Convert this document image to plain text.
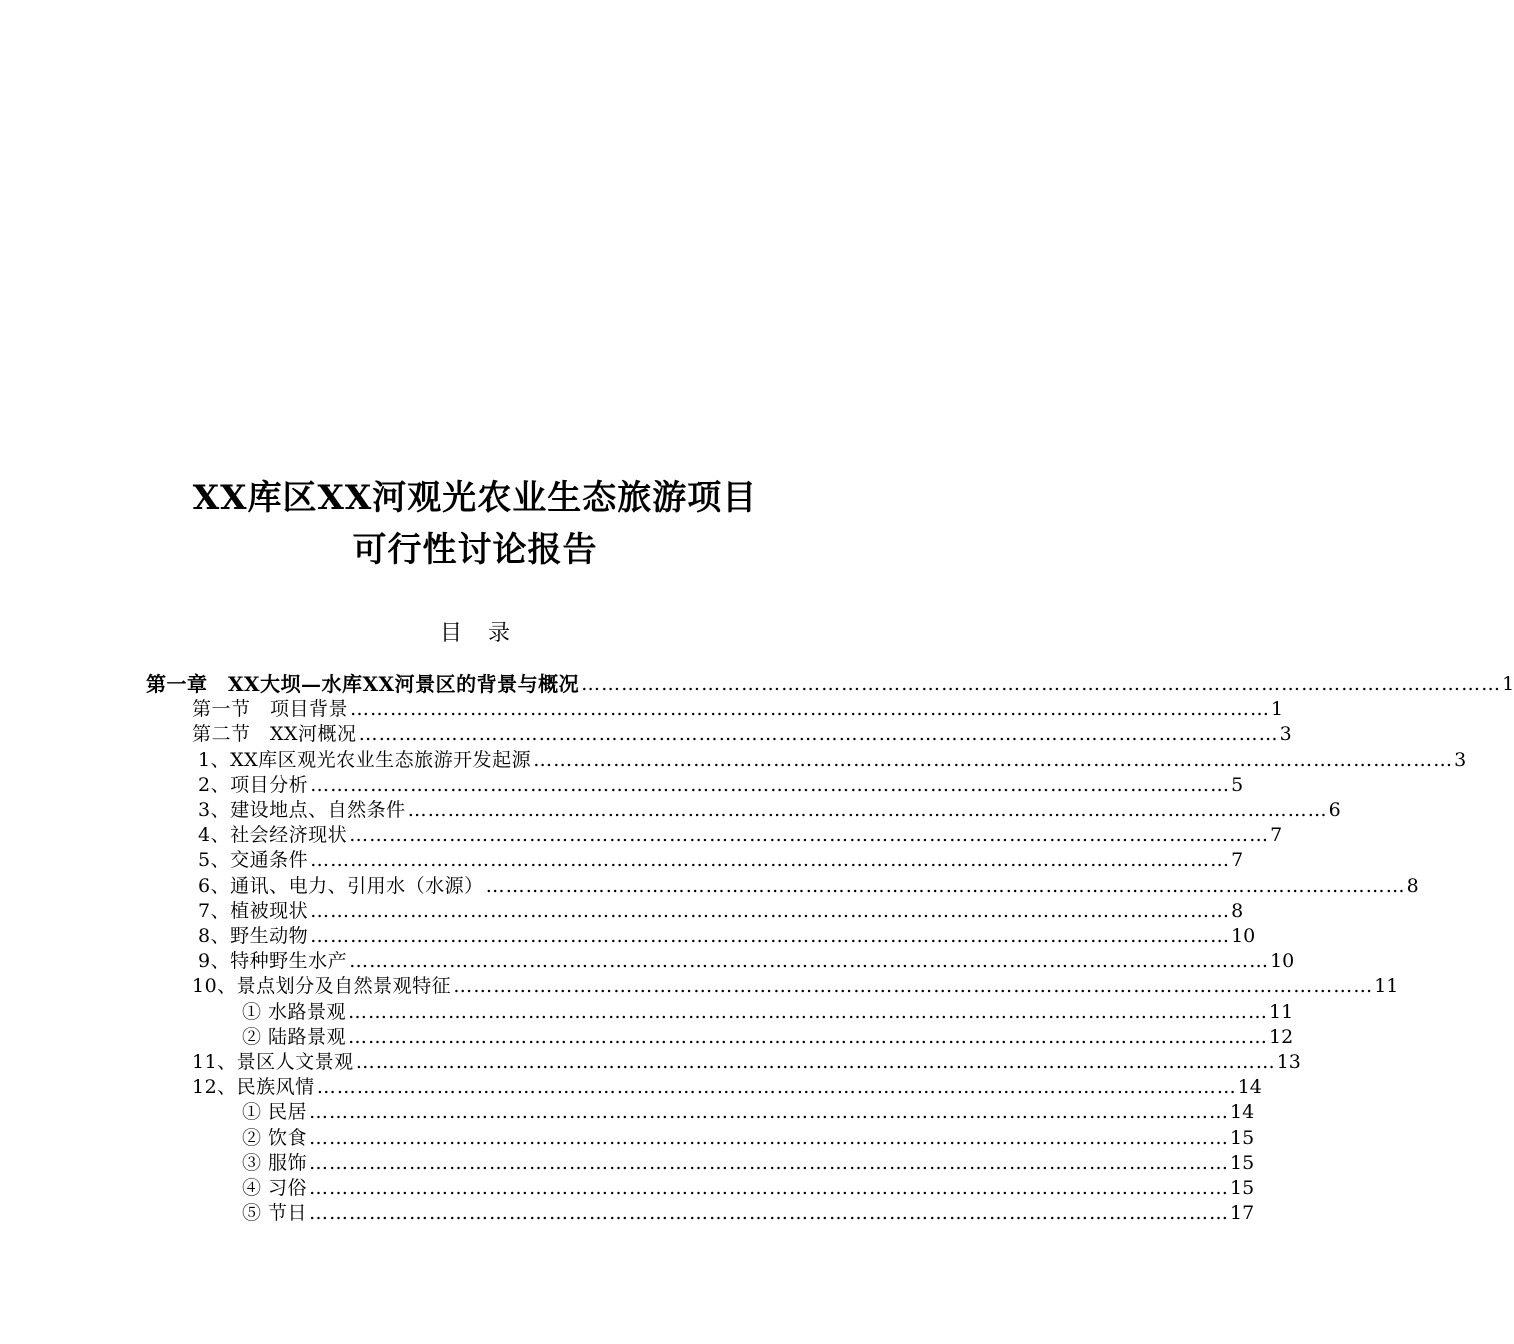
XX库区XX河观光农业生态旅游项目
可行性讨论报告
目录
第一章　XX大坝—水库XX河景区的背景与概况 ………………………………………………………………………………………………………………………… 1
第一节　项目背景 ………………………………………………………………………………………………………………………… 1
第二节　XX河概况 ………………………………………………………………………………………………………………………… 3
1、XX库区观光农业生态旅游开发起源 ………………………………………………………………………………………………………………………… 3
2、项目分析 ………………………………………………………………………………………………………………………… 5
3、建设地点、自然条件 ………………………………………………………………………………………………………………………… 6
4、社会经济现状 ………………………………………………………………………………………………………………………… 7
5、交通条件 ………………………………………………………………………………………………………………………… 7
6、通讯、电力、引用水（水源） ………………………………………………………………………………………………………………………… 8
7、植被现状 ………………………………………………………………………………………………………………………… 8
8、野生动物 ………………………………………………………………………………………………………………………… 10
9、特种野生水产 ………………………………………………………………………………………………………………………… 10
10、景点划分及自然景观特征 ………………………………………………………………………………………………………………………… 11
① 水路景观 ………………………………………………………………………………………………………………………… 11
② 陆路景观 ………………………………………………………………………………………………………………………… 12
11、景区人文景观 ………………………………………………………………………………………………………………………… 13
12、民族风情 ………………………………………………………………………………………………………………………… 14
① 民居 ………………………………………………………………………………………………………………………… 14
② 饮食 ………………………………………………………………………………………………………………………… 15
③ 服饰 ………………………………………………………………………………………………………………………… 15
④ 习俗 ………………………………………………………………………………………………………………………… 15
⑤ 节日 ………………………………………………………………………………………………………………………… 17
